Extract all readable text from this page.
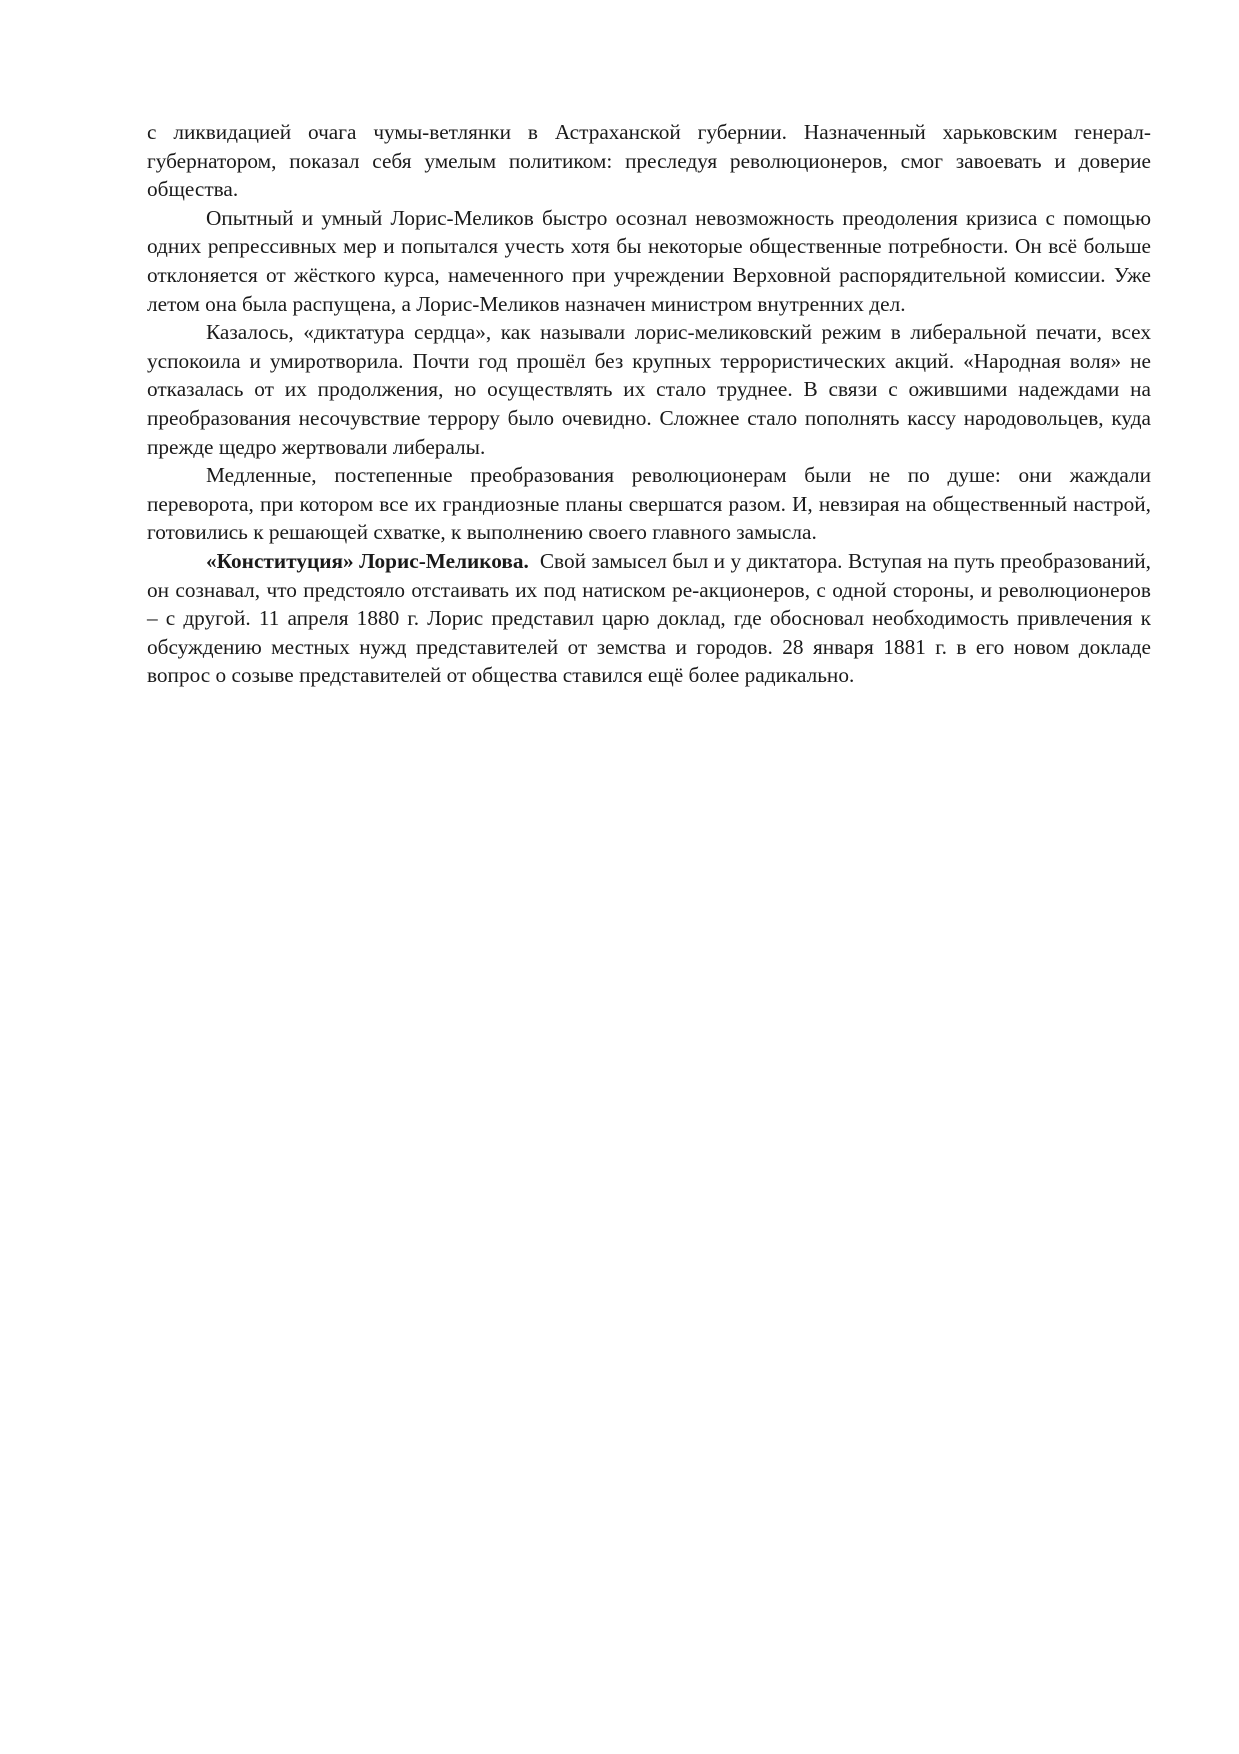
с ликвидацией очага чумы-ветлянки в Астраханской губернии. Назначенный харьковским генерал-губернатором, показал себя умелым политиком: преследуя революционеров, смог завоевать и доверие общества.

Опытный и умный Лорис-Меликов быстро осознал невозможность преодоления кризиса с помощью одних репрессивных мер и попытался учесть хотя бы некоторые общественные потребности. Он всё больше отклоняется от жёсткого курса, намеченного при учреждении Верховной распорядительной комиссии. Уже летом она была распущена, а Лорис-Меликов назначен министром внутренних дел.

Казалось, «диктатура сердца», как называли лорис-меликовский режим в либеральной печати, всех успокоила и умиротворила. Почти год прошёл без крупных террористических акций. «Народная воля» не отказалась от их продолжения, но осуществлять их стало труднее. В связи с ожившими надеждами на преобразования несочувствие террору было очевидно. Сложнее стало пополнять кассу народовольцев, куда прежде щедро жертвовали либералы.

Медленные, постепенные преобразования революционерам были не по душе: они жаждали переворота, при котором все их грандиозные планы свершатся разом. И, невзирая на общественный настрой, готовились к решающей схватке, к выполнению своего главного замысла.

«Конституция» Лорис-Меликова. Свой замысел был и у диктатора. Вступая на путь преобразований, он сознавал, что предстояло отстаивать их под натиском ре-акционеров, с одной стороны, и революционеров – с другой. 11 апреля 1880 г. Лорис представил царю доклад, где обосновал необходимость привлечения к обсуждению местных нужд представителей от земства и городов. 28 января 1881 г. в его новом докладе вопрос о созыве представителей от общества ставился ещё более радикально.
